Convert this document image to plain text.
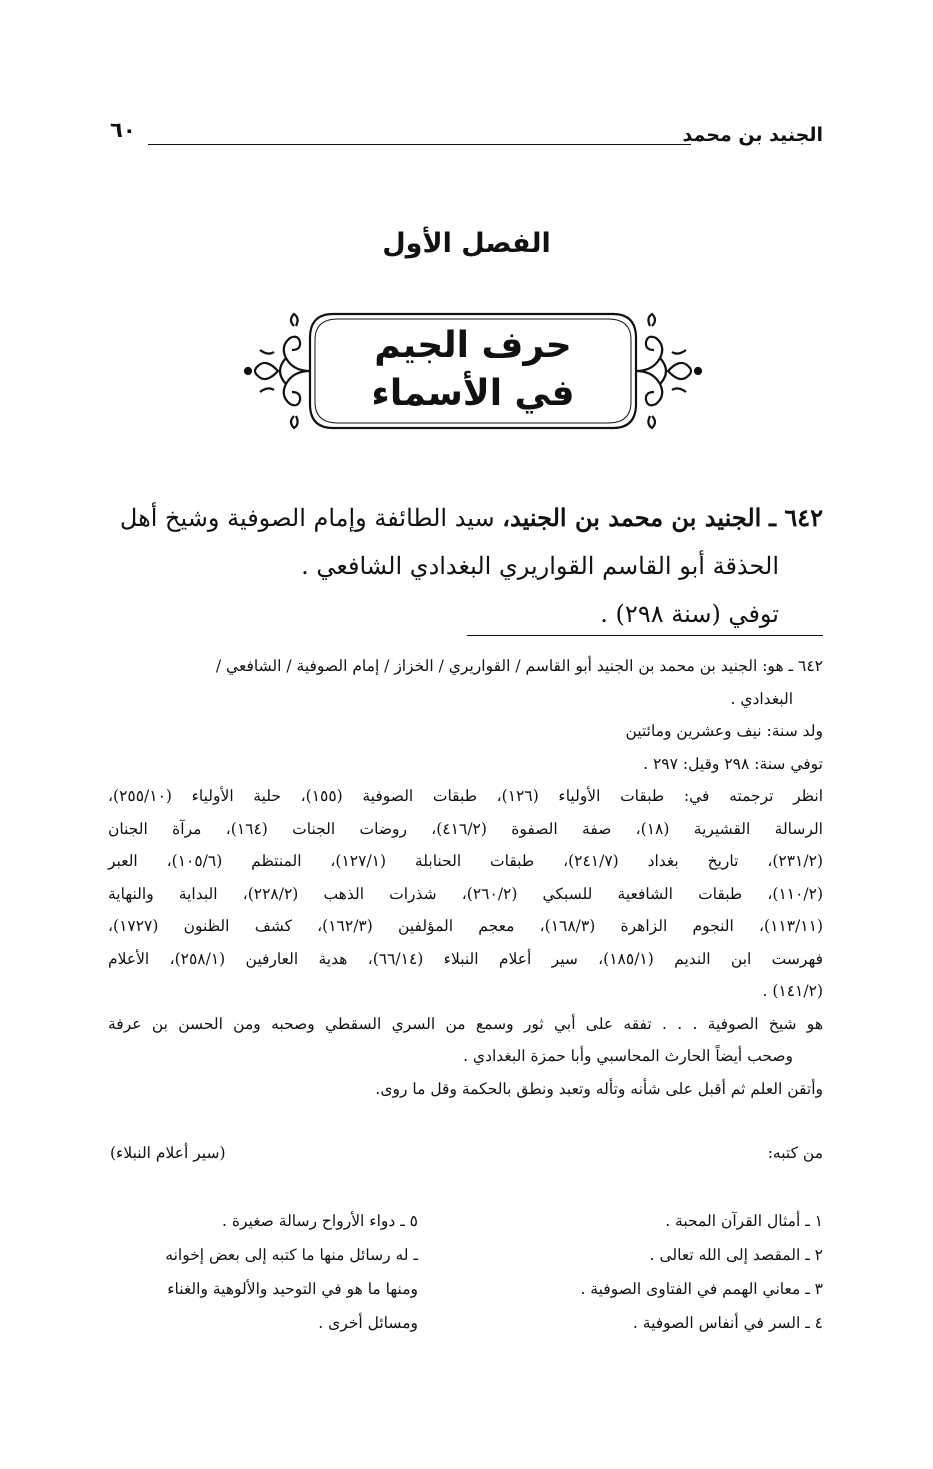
الجنيد بن محمد
٦٠
الفصل الأول
حرف الجيم
في الأسماء
٦٤٢ ـ الجنيد بن محمد بن الجنيد، سيد الطائفة وإمام الصوفية وشيخ أهل
الحذقة أبو القاسم القواريري البغدادي الشافعي .
توفي (سنة ٢٩٨) .

٦٤٢ ـ هو: الجنيد بن محمد بن الجنيد أبو القاسم / القواريري / الخزاز / إمام الصوفية / الشافعي /

البغدادي .

ولد سنة: نيف وعشرين ومائتين

توفي سنة: ٢٩٨ وقيل: ٢٩٧ .

انظر ترجمته في: طبقات الأولياء (١٢٦)، طبقات الصوفية (١٥٥)، حلية الأولياء (٢٥٥/١٠)،

الرسالة القشيرية (١٨)، صفة الصفوة (٤١٦/٢)، روضات الجنات (١٦٤)، مرآة الجنان

(٢٣١/٢)، تاريخ بغداد (٢٤١/٧)، طبقات الحنابلة (١٢٧/١)، المنتظم (١٠٥/٦)، العبر

(١١٠/٢)، طبقات الشافعية للسبكي (٢٦٠/٢)، شذرات الذهب (٢٢٨/٢)، البداية والنهاية

(١١٣/١١)، النجوم الزاهرة (١٦٨/٣)، معجم المؤلفين (١٦٢/٣)، كشف الظنون (١٧٢٧)،

فهرست ابن النديم (١٨٥/١)، سير أعلام النبلاء (٦٦/١٤)، هدية العارفين (٢٥٨/١)، الأعلام

(١٤١/٢) .

هو شيخ الصوفية . . . تفقه على أبي ثور وسمع من السري السقطي وصحبه ومن الحسن بن عرفة

وصحب أيضاً الحارث المحاسبي وأبا حمزة البغدادي .

وأتقن العلم ثم أقبل على شأنه وتأله وتعبد ونطق بالحكمة وقل ما روى.

من كتبه:
(سير أعلام النبلاء)
١ ـ أمثال القرآن المحبة .
٢ ـ المقصد إلى الله تعالى .
٣ ـ معاني الهمم في الفتاوى الصوفية .
٤ ـ السر في أنفاس الصوفية .
٥ ـ دواء الأرواح رسالة صغيرة .
ـ له رسائل منها ما كتبه إلى بعض إخوانه
ومنها ما هو في التوحيد والألوهية والغناء
ومسائل أخرى .
